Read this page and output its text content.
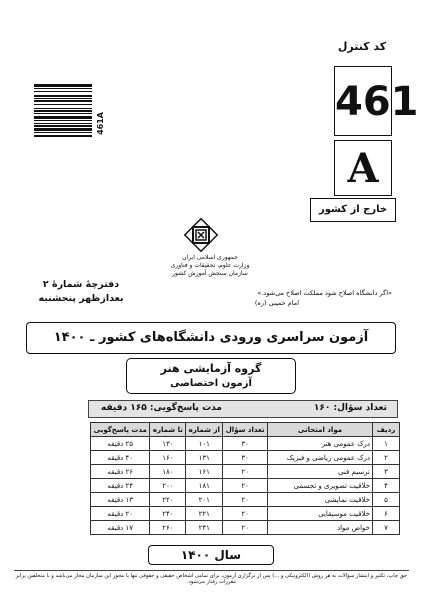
کد کنترل
461
A
خارج از کشور
461A
جمهوری اسلامی ایران
وزارت علوم، تحقیقات و فناوری
سازمان سنجش آموزش کشور
«اگر دانشگاه اصلاح شود مملکت اصلاح می‌شود.»
امام خمینی (ره)
دفترچهٔ شمارهٔ ۲
بعدازظهر پنجشنبه
آزمون سراسری ورودی دانشگاه‌های کشور ـ ۱۴۰۰
گروه آزمایشی هنر
آزمون اختصاصی
تعداد سؤال: ۱۶۰
مدت پاسخ‌گویی: ۱۶۵ دقیقه
ردیف	مواد امتحانی	تعداد سؤال	از شماره	تا شماره	مدت پاسخ‌گویی
۱	درک عمومی هنر	۳۰	۱۰۱	۱۳۰	۲۵ دقیقه
۲	درک عمومی ریاضی و فیزیک	۳۰	۱۳۱	۱۶۰	۴۰ دقیقه
۳	ترسیم فنی	۲۰	۱۶۱	۱۸۰	۲۶ دقیقه
۴	خلاقیت تصویری و تجسمی	۲۰	۱۸۱	۲۰۰	۲۴ دقیقه
۵	خلاقیت نمایشی	۲۰	۲۰۱	۲۲۰	۱۳ دقیقه
۶	خلاقیت موسیقایی	۲۰	۲۲۱	۲۴۰	۲۰ دقیقه
۷	خواص مواد	۲۰	۲۴۱	۲۶۰	۱۷ دقیقه
سال ۱۴۰۰
حق چاپ، تکثیر و انتشار سؤالات به هر روش (الکترونیکی و ...) پس از برگزاری آزمون، برای تمامی اشخاص حقیقی و حقوقی تنها با مجوز این سازمان مجاز می‌باشد و با متخلفین برابر مقررات رفتار می‌شود.
